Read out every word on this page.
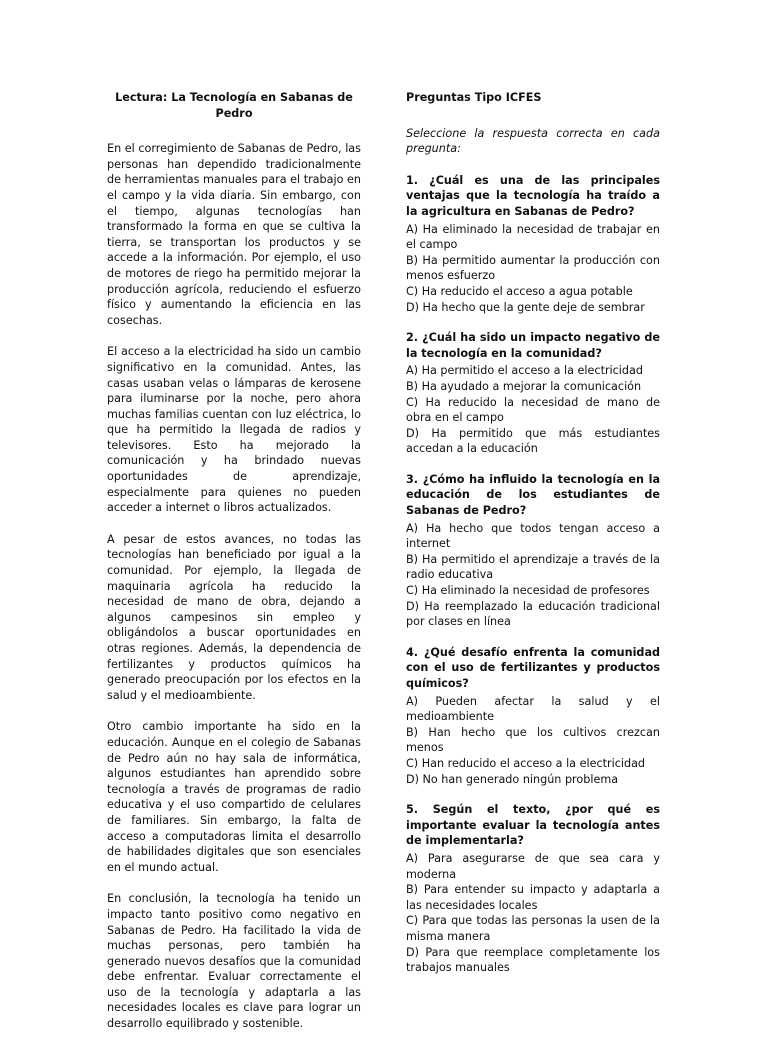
Lectura: La Tecnología en Sabanas de Pedro

En el corregimiento de Sabanas de Pedro, las personas han dependido tradicionalmente de herramientas manuales para el trabajo en el campo y la vida diaria. Sin embargo, con el tiempo, algunas tecnologías han transformado la forma en que se cultiva la tierra, se transportan los productos y se accede a la información. Por ejemplo, el uso de motores de riego ha permitido mejorar la producción agrícola, reduciendo el esfuerzo físico y aumentando la eficiencia en las cosechas.

El acceso a la electricidad ha sido un cambio significativo en la comunidad. Antes, las casas usaban velas o lámparas de kerosene para iluminarse por la noche, pero ahora muchas familias cuentan con luz eléctrica, lo que ha permitido la llegada de radios y televisores. Esto ha mejorado la comunicación y ha brindado nuevas oportunidades de aprendizaje, especialmente para quienes no pueden acceder a internet o libros actualizados.

A pesar de estos avances, no todas las tecnologías han beneficiado por igual a la comunidad. Por ejemplo, la llegada de maquinaria agrícola ha reducido la necesidad de mano de obra, dejando a algunos campesinos sin empleo y obligándolos a buscar oportunidades en otras regiones. Además, la dependencia de fertilizantes y productos químicos ha generado preocupación por los efectos en la salud y el medioambiente.

Otro cambio importante ha sido en la educación. Aunque en el colegio de Sabanas de Pedro aún no hay sala de informática, algunos estudiantes han aprendido sobre tecnología a través de programas de radio educativa y el uso compartido de celulares de familiares. Sin embargo, la falta de acceso a computadoras limita el desarrollo de habilidades digitales que son esenciales en el mundo actual.

En conclusión, la tecnología ha tenido un impacto tanto positivo como negativo en Sabanas de Pedro. Ha facilitado la vida de muchas personas, pero también ha generado nuevos desafíos que la comunidad debe enfrentar. Evaluar correctamente el uso de la tecnología y adaptarla a las necesidades locales es clave para lograr un desarrollo equilibrado y sostenible.

Preguntas Tipo ICFES

Seleccione la respuesta correcta en cada pregunta:

1. ¿Cuál es una de las principales ventajas que la tecnología ha traído a la agricultura en Sabanas de Pedro?
A) Ha eliminado la necesidad de trabajar en el campo
B) Ha permitido aumentar la producción con menos esfuerzo
C) Ha reducido el acceso a agua potable
D) Ha hecho que la gente deje de sembrar
2. ¿Cuál ha sido un impacto negativo de la tecnología en la comunidad?
A) Ha permitido el acceso a la electricidad
B) Ha ayudado a mejorar la comunicación
C) Ha reducido la necesidad de mano de obra en el campo
D) Ha permitido que más estudiantes accedan a la educación
3. ¿Cómo ha influido la tecnología en la educación de los estudiantes de Sabanas de Pedro?
A) Ha hecho que todos tengan acceso a internet
B) Ha permitido el aprendizaje a través de la radio educativa
C) Ha eliminado la necesidad de profesores
D) Ha reemplazado la educación tradicional por clases en línea
4. ¿Qué desafío enfrenta la comunidad con el uso de fertilizantes y productos químicos?
A) Pueden afectar la salud y el medioambiente
B) Han hecho que los cultivos crezcan menos
C) Han reducido el acceso a la electricidad
D) No han generado ningún problema
5. Según el texto, ¿por qué es importante evaluar la tecnología antes de implementarla?
A) Para asegurarse de que sea cara y moderna
B) Para entender su impacto y adaptarla a las necesidades locales
C) Para que todas las personas la usen de la misma manera
D) Para que reemplace completamente los trabajos manuales
